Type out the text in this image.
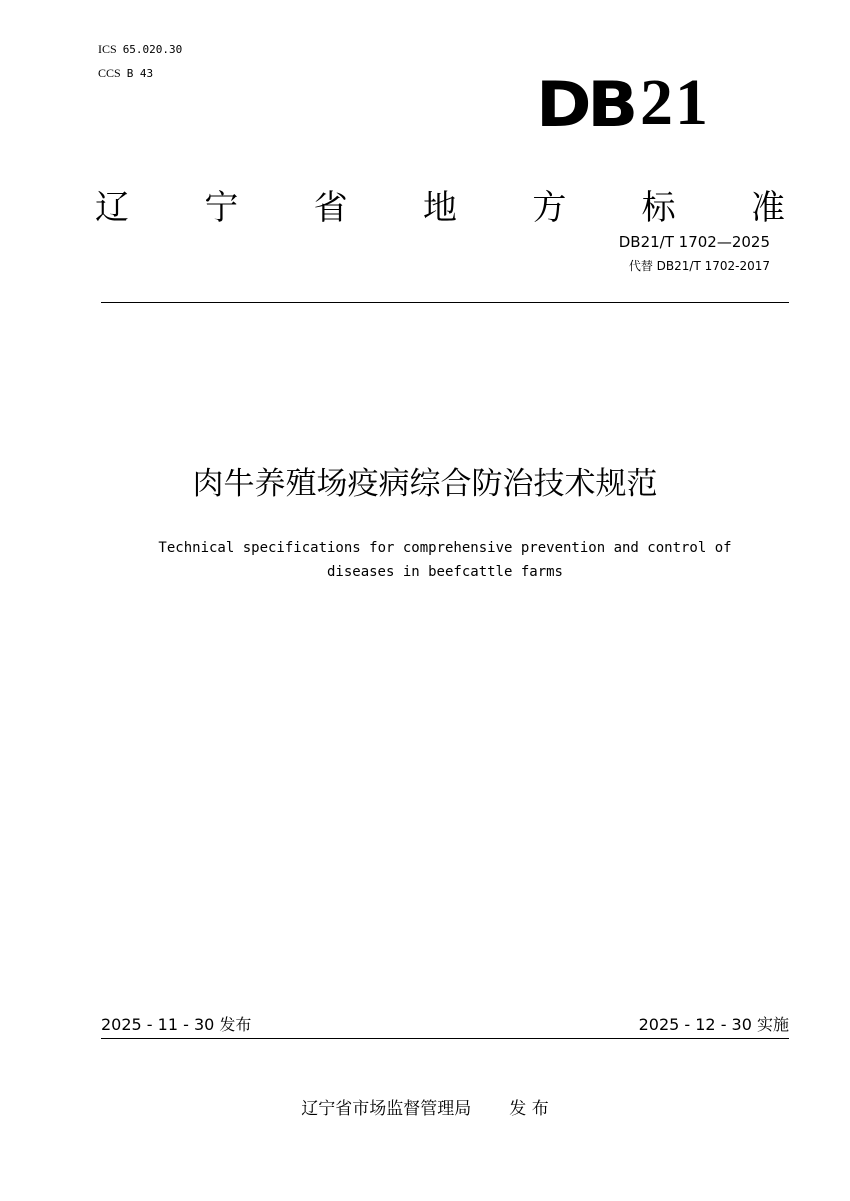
ICS 65.020.30
CCS B 43	DB 21
辽 宁 省 地 方 标 准
DB21/T 1702—2025
代替 DB21/T 1702-2017
肉牛养殖场疫病综合防治技术规范
Technical specifications for comprehensive prevention and control of
diseases in beefcattle farms
2025 - 11 - 30 发布	2025 - 12 - 30 实施
辽宁省市场监督管理局 发 布
